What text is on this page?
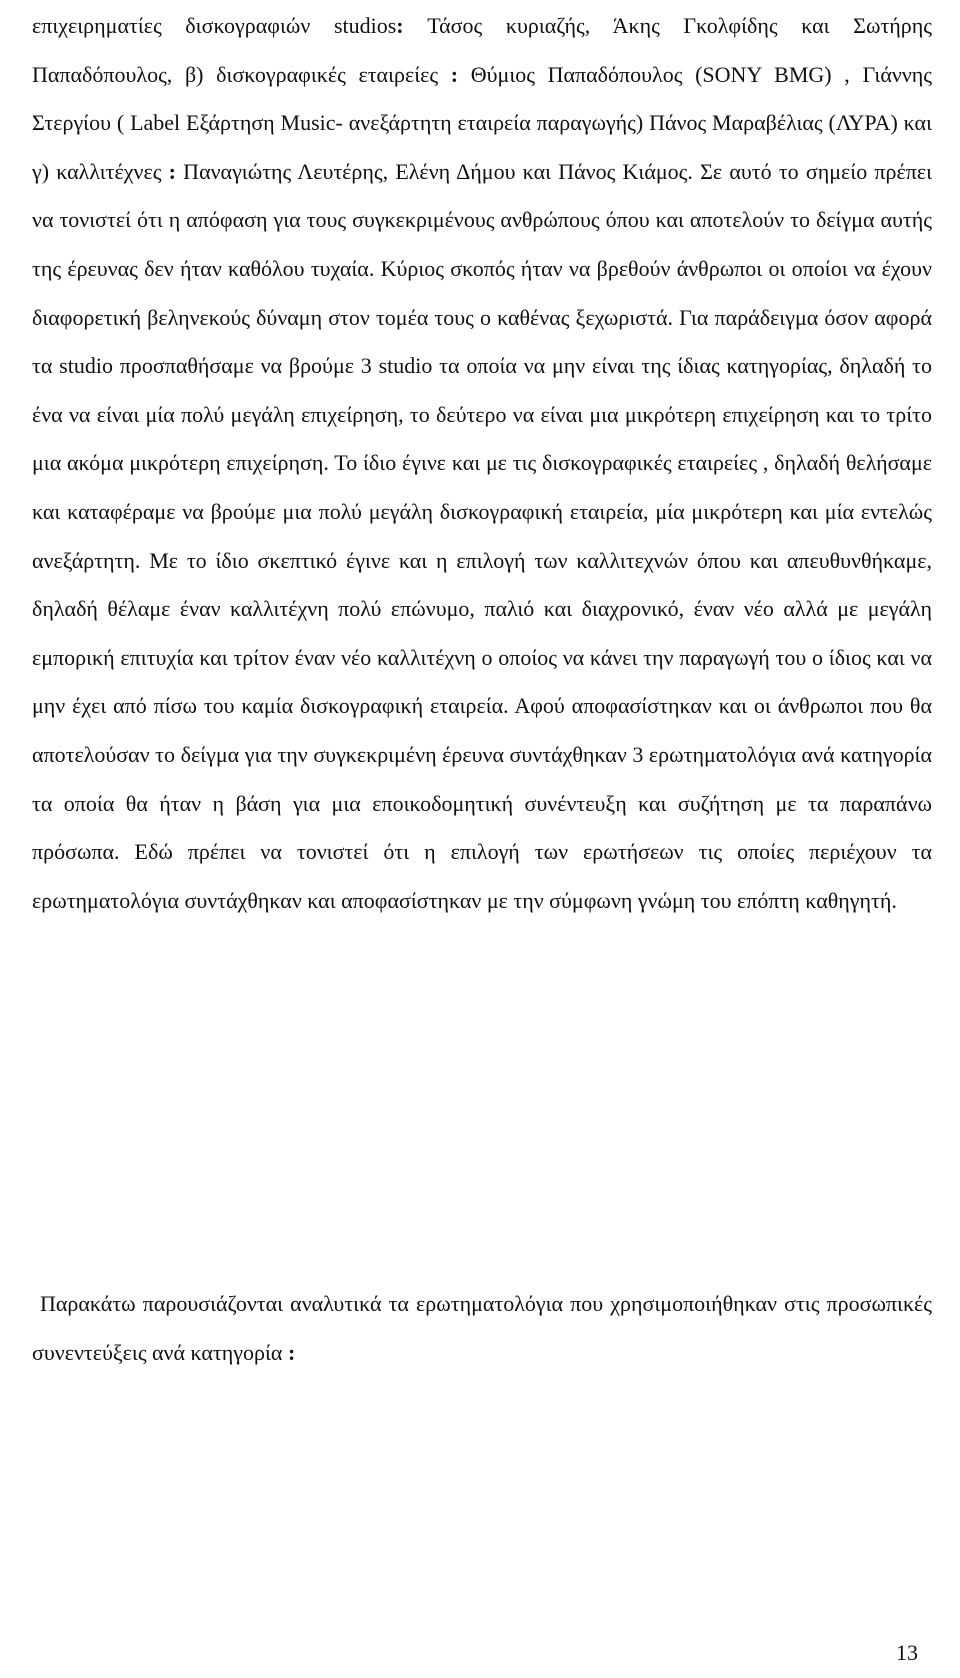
επιχειρηματίες δισκογραφιών studios: Τάσος κυριαζής, Άκης Γκολφίδης και Σωτήρης Παπαδόπουλος, β) δισκογραφικές εταιρείες : Θύμιος Παπαδόπουλος (SONY BMG) , Γιάννης Στεργίου ( Label Εξάρτηση Music- ανεξάρτητη εταιρεία παραγωγής) Πάνος Μαραβέλιας (ΛΥΡΑ) και γ) καλλιτέχνες : Παναγιώτης Λευτέρης, Ελένη Δήμου και Πάνος Κιάμος. Σε αυτό το σημείο πρέπει να τονιστεί ότι η απόφαση για τους συγκεκριμένους ανθρώπους όπου και αποτελούν το δείγμα αυτής της έρευνας δεν ήταν καθόλου τυχαία. Κύριος σκοπός ήταν να βρεθούν άνθρωποι οι οποίοι να έχουν διαφορετική βεληνεκούς δύναμη στον τομέα τους ο καθένας ξεχωριστά. Για παράδειγμα όσον αφορά τα studio προσπαθήσαμε να βρούμε 3 studio τα οποία να μην είναι της ίδιας κατηγορίας, δηλαδή το ένα να είναι μία πολύ μεγάλη επιχείρηση, το δεύτερο να είναι μια μικρότερη επιχείρηση και το τρίτο μια ακόμα μικρότερη επιχείρηση. Το ίδιο έγινε και με τις δισκογραφικές εταιρείες , δηλαδή θελήσαμε και καταφέραμε να βρούμε μια πολύ μεγάλη δισκογραφική εταιρεία, μία μικρότερη και μία εντελώς ανεξάρτητη. Με το ίδιο σκεπτικό έγινε και η επιλογή των καλλιτεχνών όπου και απευθυνθήκαμε, δηλαδή θέλαμε έναν καλλιτέχνη πολύ επώνυμο, παλιό και διαχρονικό, έναν νέο αλλά με μεγάλη εμπορική επιτυχία και τρίτον έναν νέο καλλιτέχνη ο οποίος να κάνει την παραγωγή του ο ίδιος και να μην έχει από πίσω του καμία δισκογραφική εταιρεία. Αφού αποφασίστηκαν και οι άνθρωποι που θα αποτελούσαν το δείγμα για την συγκεκριμένη έρευνα συντάχθηκαν 3 ερωτηματολόγια ανά κατηγορία τα οποία θα ήταν η βάση για μια εποικοδομητική συνέντευξη και συζήτηση με τα παραπάνω πρόσωπα. Εδώ πρέπει να τονιστεί ότι η επιλογή των ερωτήσεων τις οποίες περιέχουν τα ερωτηματολόγια συντάχθηκαν και αποφασίστηκαν με την σύμφωνη γνώμη του επόπτη καθηγητή.

Παρακάτω παρουσιάζονται αναλυτικά τα ερωτηματολόγια που χρησιμοποιήθηκαν στις προσωπικές συνεντεύξεις ανά κατηγορία :

13
